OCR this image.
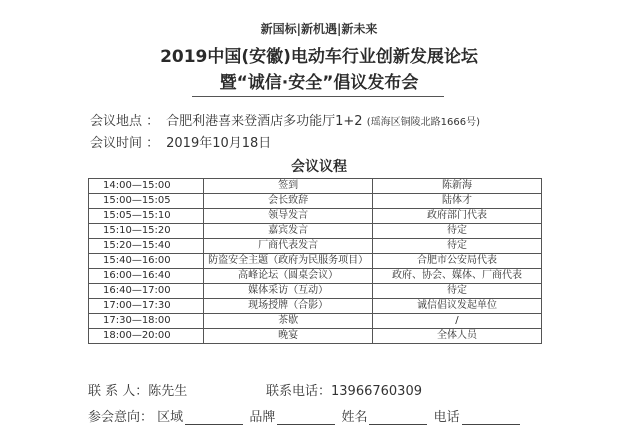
新国标|新机遇|新未来
2019中国(安徽)电动车行业创新发展论坛
暨“诚信·安全”倡议发布会
会议地点 ： 合肥利港喜来登酒店多功能厅1+2 (瑶海区铜陵北路1666号)
会议时间 ： 2019年10月18日
会议议程
14:00—15:00	签到	陈新海
15:00—15:05	会长致辞	陆体才
15:05—15:10	领导发言	政府部门代表
15:10—15:20	嘉宾发言	待定
15:20—15:40	厂商代表发言	待定
15:40—16:00	防盗安全主题（政府为民服务项目）	合肥市公安局代表
16:00—16:40	高峰论坛（圆桌会议）	政府、协会、媒体、厂商代表
16:40—17:00	媒体采访（互动）	待定
17:00—17:30	现场授牌（合影）	诚信倡议发起单位
17:30—18:00	茶歇	/
18:00—20:00	晚宴	全体人员
联 系 人：陈先生	联系电话：13966760309
参会意向： 区域	品牌	姓名	电话
